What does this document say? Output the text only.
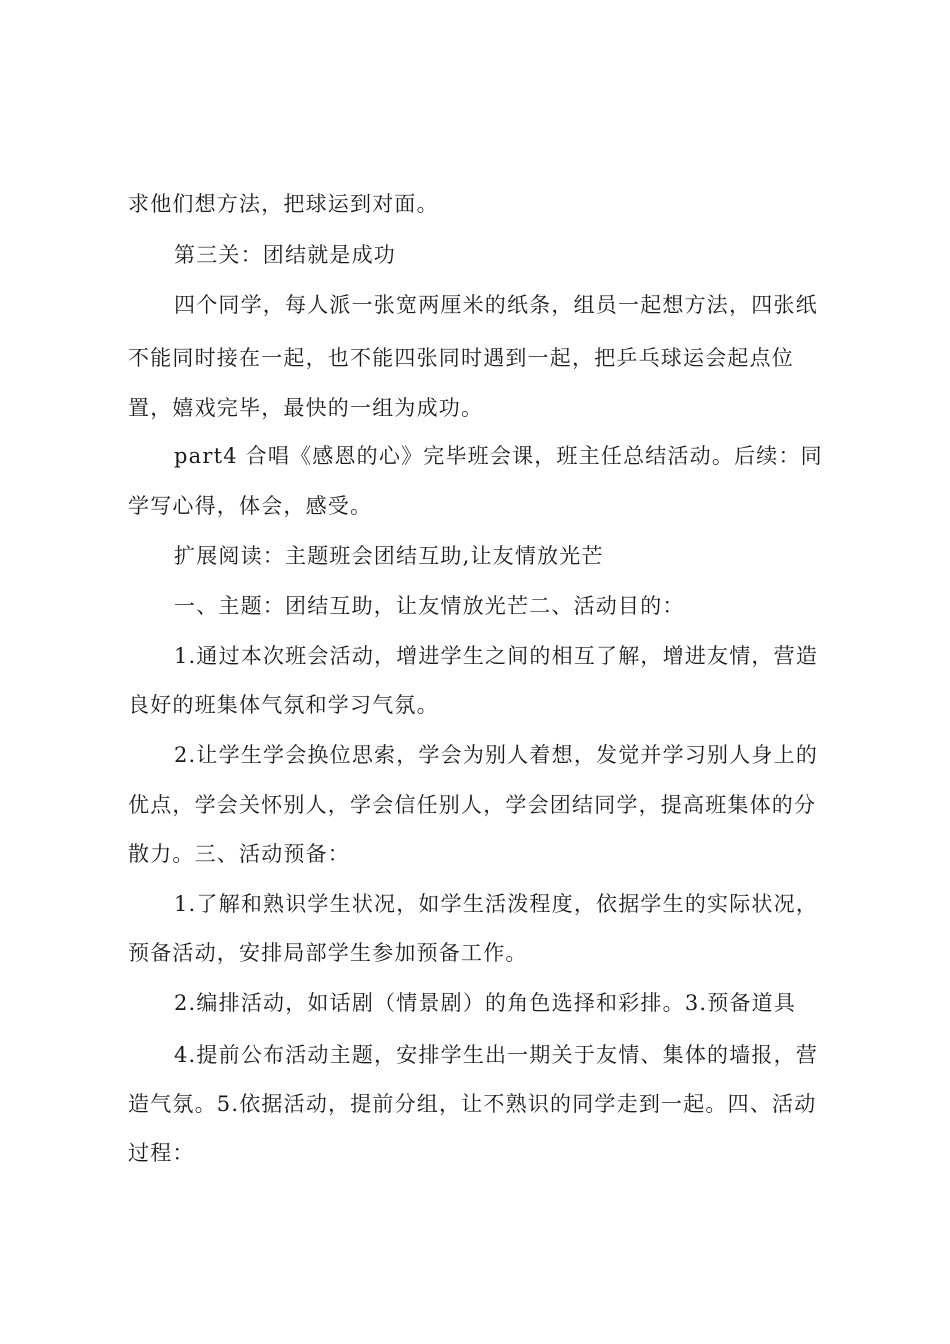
求他们想方法，把球运到对面。
第三关：团结就是成功
四个同学，每人派一张宽两厘米的纸条，组员一起想方法，四张纸
不能同时接在一起，也不能四张同时遇到一起，把乒乓球运会起点位
置，嬉戏完毕，最快的一组为成功。
part4 合唱《感恩的心》完毕班会课，班主任总结活动。后续：同
学写心得，体会，感受。
扩展阅读：主题班会团结互助,让友情放光芒
一、主题：团结互助，让友情放光芒二、活动目的：
1.通过本次班会活动，增进学生之间的相互了解，增进友情，营造
良好的班集体气氛和学习气氛。
2.让学生学会换位思索，学会为别人着想，发觉并学习别人身上的
优点，学会关怀别人，学会信任别人，学会团结同学，提高班集体的分
散力。三、活动预备：
1.了解和熟识学生状况，如学生活泼程度，依据学生的实际状况，
预备活动，安排局部学生参加预备工作。
2.编排活动，如话剧（情景剧）的角色选择和彩排。3.预备道具
4.提前公布活动主题，安排学生出一期关于友情、集体的墙报，营
造气氛。5.依据活动，提前分组，让不熟识的同学走到一起。四、活动
过程：
